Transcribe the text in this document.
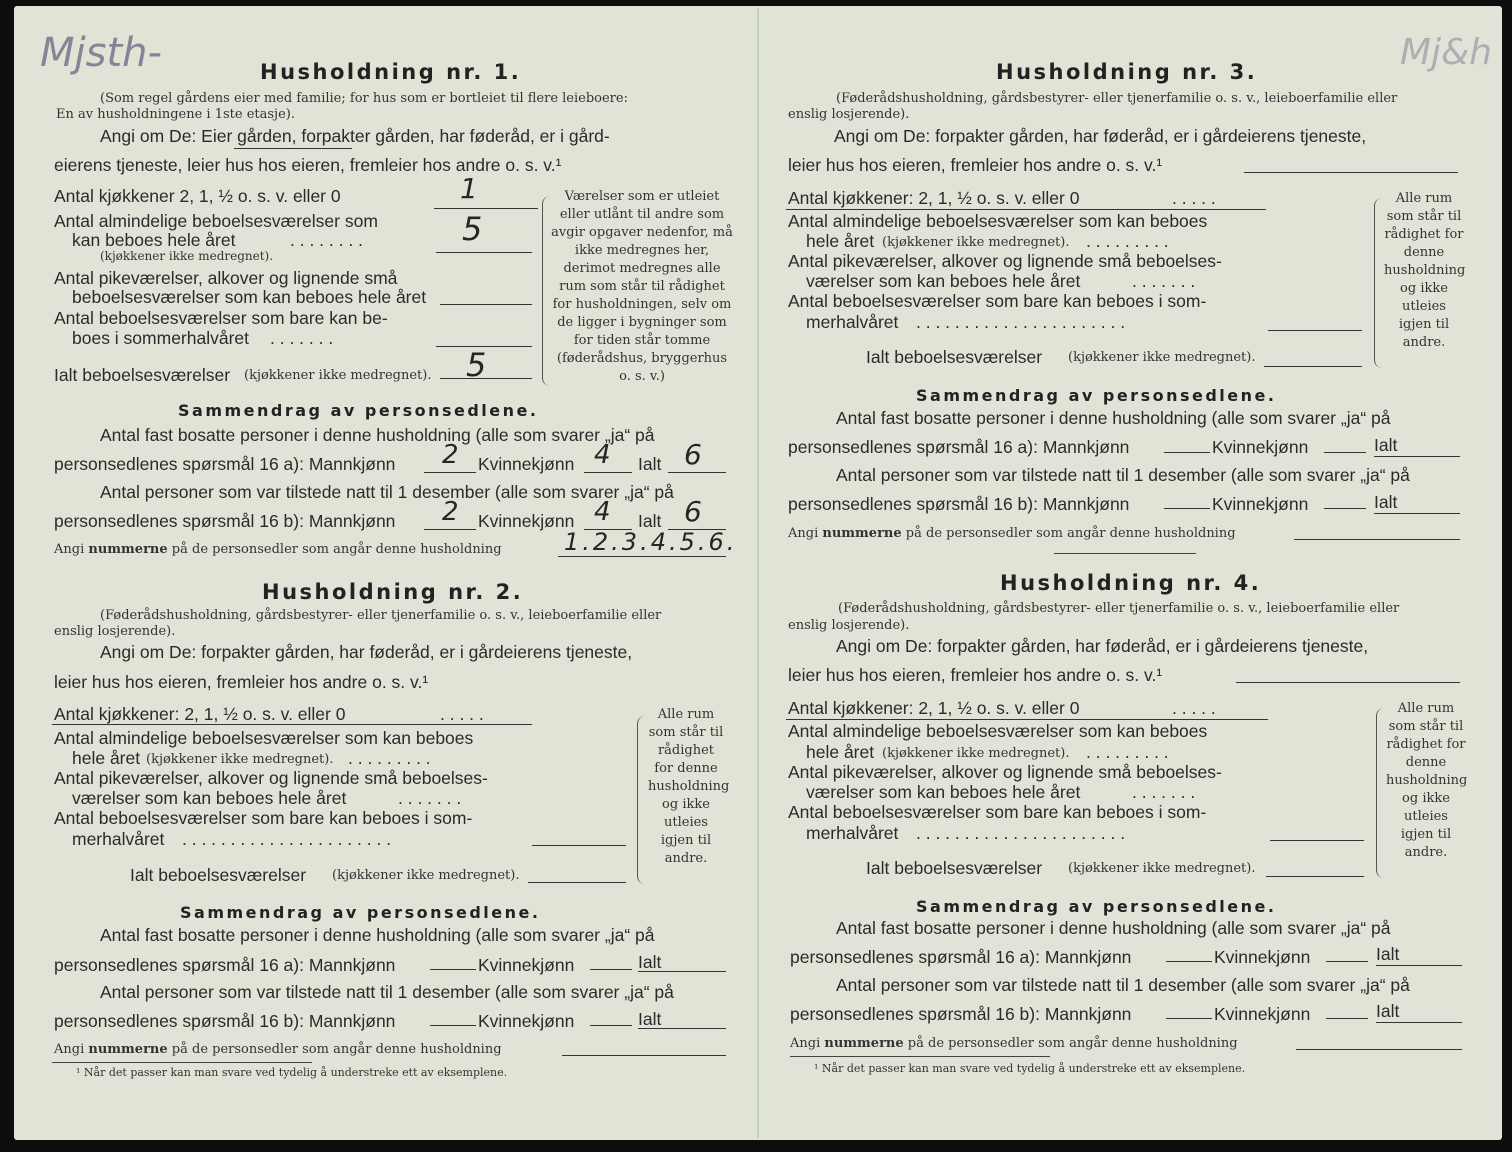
Mjsth-	Mj&h
Husholdning nr. 1.
(Som regel gårdens eier med familie; for hus som er bortleiet til flere leieboere:
En av husholdningene i 1ste etasje).
Angi om De: Eier gården, forpakter gården, har føderåd, er i gård-
eierens tjeneste, leier hus hos eieren, fremleier hos andre o. s. v.¹
Antal kjøkkener 2, 1, ½ o. s. v. eller 0	1
Antal almindelige beboelsesværelser som
kan beboes hele året	. . . . . . . .	5
(kjøkkener ikke medregnet).
Antal pikeværelser, alkover og lignende små
beboelsesværelser som kan beboes hele året
Antal beboelsesværelser som bare kan be-
boes i sommerhalvåret . . . . . . .
Ialt beboelsesværelser (kjøkkener ikke medregnet). 5
Værelser som er utleiet eller utlånt til andre som avgir opgaver nedenfor, må ikke medregnes her, derimot medregnes alle rum som står til rådighet for husholdningen, selv om de ligger i bygninger som for tiden står tomme (føderådshus, bryggerhus o. s. v.)
Sammendrag av personsedlene.
Antal fast bosatte personer i denne husholdning (alle som svarer „ja“ på
personsedlenes spørsmål 16 a): Mannkjønn 2 Kvinnekjønn 4 Ialt 6
Antal personer som var tilstede natt til 1 desember (alle som svarer „ja“ på
personsedlenes spørsmål 16 b): Mannkjønn 2 Kvinnekjønn 4 Ialt 6
Angi nummerne på de personsedler som angår denne husholdning	1.2.3.4.5.6.
Husholdning nr. 2.
(Føderådshusholdning, gårdsbestyrer- eller tjenerfamilie o. s. v., leieboerfamilie eller
enslig losjerende).
Angi om De: forpakter gården, har føderåd, er i gårdeierens tjeneste,
leier hus hos eieren, fremleier hos andre o. s. v.¹
Antal kjøkkener: 2, 1, ½ o. s. v. eller 0	. . . . .
Antal almindelige beboelsesværelser som kan beboes
hele året (kjøkkener ikke medregnet). . . . . . . . . .
Antal pikeværelser, alkover og lignende små beboelses-
værelser som kan beboes hele året	. . . . . . .
Antal beboelsesværelser som bare kan beboes i som-
merhalvåret . . . . . . . . . . . . . . . . . . . . . .
Ialt beboelsesværelser (kjøkkener ikke medregnet).
Alle rum som står til rådighet for denne husholdning og ikke utleies igjen til andre.
Sammendrag av personsedlene.
Antal fast bosatte personer i denne husholdning (alle som svarer „ja“ på
personsedlenes spørsmål 16 a): Mannkjønn	Kvinnekjønn	Ialt
Antal personer som var tilstede natt til 1 desember (alle som svarer „ja“ på
personsedlenes spørsmål 16 b): Mannkjønn	Kvinnekjønn	Ialt
Angi nummerne på de personsedler som angår denne husholdning
¹ Når det passer kan man svare ved tydelig å understreke ett av eksemplene.
Husholdning nr. 3.
(Føderådshusholdning, gårdsbestyrer- eller tjenerfamilie o. s. v., leieboerfamilie eller
enslig losjerende).
Angi om De: forpakter gården, har føderåd, er i gårdeierens tjeneste,
leier hus hos eieren, fremleier hos andre o. s. v.¹
Antal kjøkkener: 2, 1, ½ o. s. v. eller 0	. . . . .
Antal almindelige beboelsesværelser som kan beboes
hele året (kjøkkener ikke medregnet). . . . . . . . . .
Antal pikeværelser, alkover og lignende små beboelses-
værelser som kan beboes hele året	. . . . . . .
Antal beboelsesværelser som bare kan beboes i som-
merhalvåret . . . . . . . . . . . . . . . . . . . . . .
Ialt beboelsesværelser (kjøkkener ikke medregnet).
Alle rum som står til rådighet for denne husholdning og ikke utleies igjen til andre.
Sammendrag av personsedlene.
Antal fast bosatte personer i denne husholdning (alle som svarer „ja“ på
personsedlenes spørsmål 16 a): Mannkjønn	Kvinnekjønn	Ialt
Antal personer som var tilstede natt til 1 desember (alle som svarer „ja“ på
personsedlenes spørsmål 16 b): Mannkjønn	Kvinnekjønn	Ialt
Angi nummerne på de personsedler som angår denne husholdning
Husholdning nr. 4.
(Føderådshusholdning, gårdsbestyrer- eller tjenerfamilie o. s. v., leieboerfamilie eller
enslig losjerende).
Angi om De: forpakter gården, har føderåd, er i gårdeierens tjeneste,
leier hus hos eieren, fremleier hos andre o. s. v.¹
Antal kjøkkener: 2, 1, ½ o. s. v. eller 0	. . . . .
Antal almindelige beboelsesværelser som kan beboes
hele året (kjøkkener ikke medregnet). . . . . . . . . .
Antal pikeværelser, alkover og lignende små beboelses-
værelser som kan beboes hele året	. . . . . . .
Antal beboelsesværelser som bare kan beboes i som-
merhalvåret . . . . . . . . . . . . . . . . . . . . . .
Ialt beboelsesværelser (kjøkkener ikke medregnet).
Alle rum som står til rådighet for denne husholdning og ikke utleies igjen til andre.
Sammendrag av personsedlene.
Antal fast bosatte personer i denne husholdning (alle som svarer „ja“ på
personsedlenes spørsmål 16 a): Mannkjønn	Kvinnekjønn	Ialt
Antal personer som var tilstede natt til 1 desember (alle som svarer „ja“ på
personsedlenes spørsmål 16 b): Mannkjønn	Kvinnekjønn	Ialt
Angi nummerne på de personsedler som angår denne husholdning
¹ Når det passer kan man svare ved tydelig å understreke ett av eksemplene.
